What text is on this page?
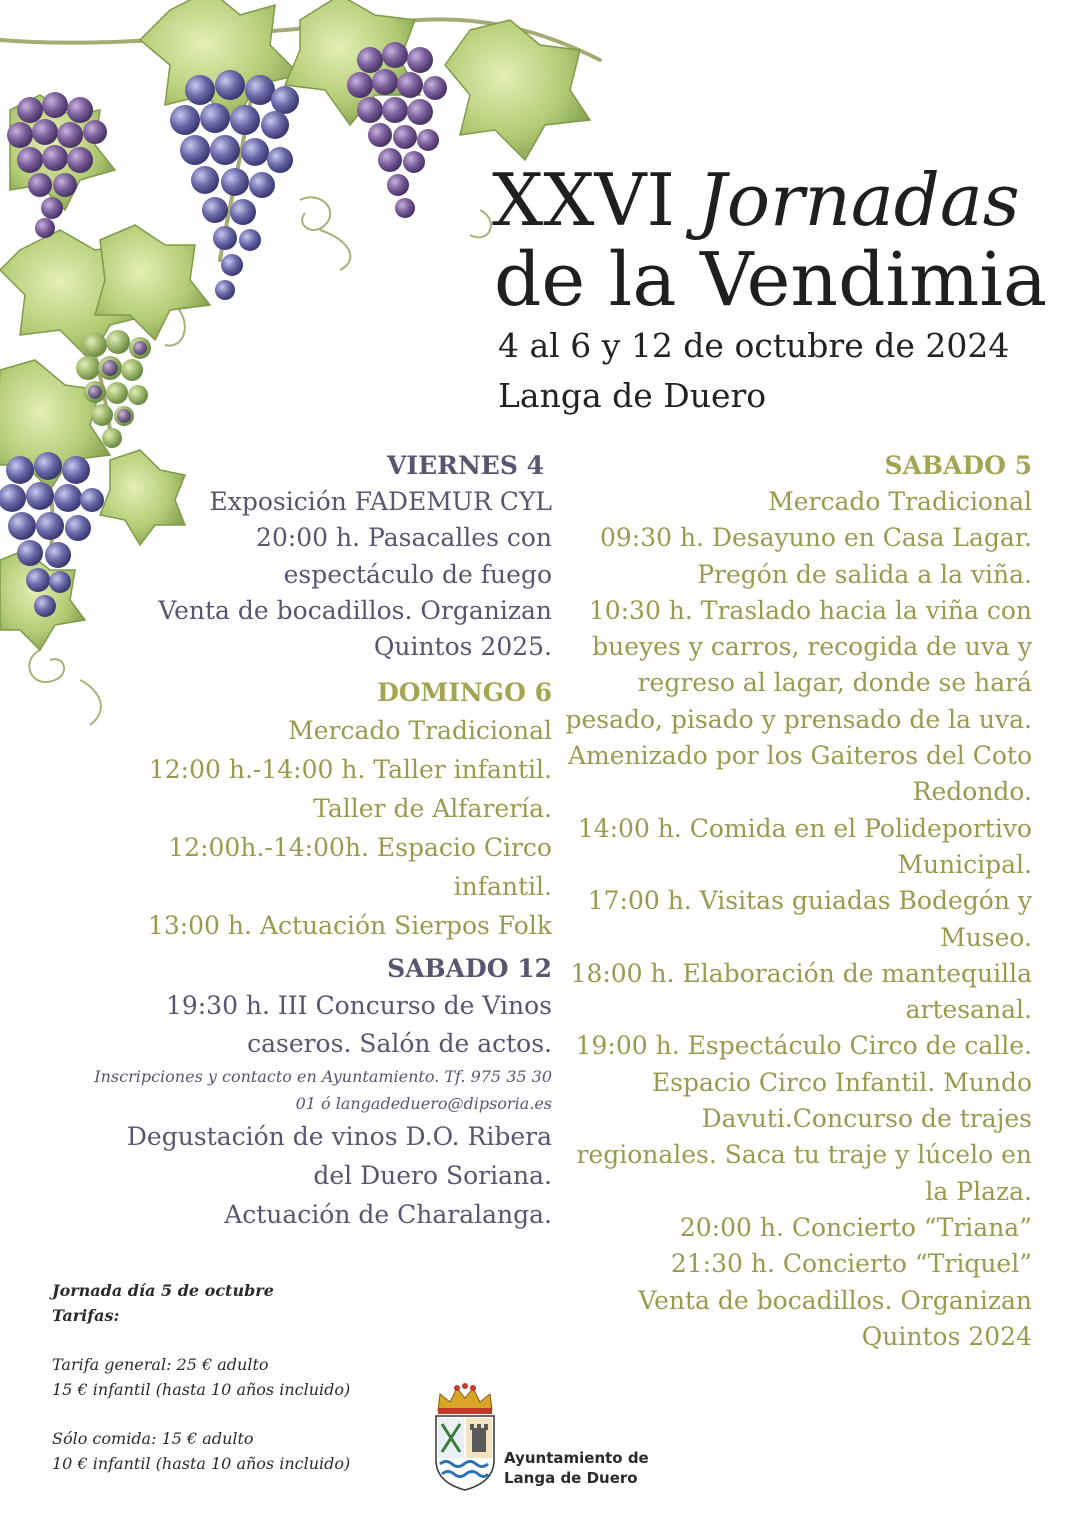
XXVI Jornadas
de la Vendimia
4 al 6 y 12 de octubre de 2024
Langa de Duero
VIERNES 4
Exposición FADEMUR CYL
20:00 h. Pasacalles con
espectáculo de fuego
Venta de bocadillos. Organizan
Quintos 2025.
DOMINGO 6
Mercado Tradicional
12:00 h.-14:00 h. Taller infantil.
Taller de Alfarería.
12:00h.-14:00h. Espacio Circo
infantil.
13:00 h. Actuación Sierpos Folk
SABADO 12
19:30 h. III Concurso de Vinos
caseros. Salón de actos.
Inscripciones y contacto en Ayuntamiento. Tf. 975 35 30
01 ó langadeduero@dipsoria.es
Degustación de vinos D.O. Ribera
del Duero Soriana.
Actuación de Charalanga.
SABADO 5
Mercado Tradicional
09:30 h. Desayuno en Casa Lagar.
Pregón de salida a la viña.
10:30 h. Traslado hacia la viña con
bueyes y carros, recogida de uva y
regreso al lagar, donde se hará
pesado, pisado y prensado de la uva.
Amenizado por los Gaiteros del Coto
Redondo.
14:00 h. Comida en el Polideportivo
Municipal.
17:00 h. Visitas guiadas Bodegón y
Museo.
18:00 h. Elaboración de mantequilla
artesanal.
19:00 h. Espectáculo Circo de calle.
Espacio Circo Infantil. Mundo
Davuti.Concurso de trajes
regionales. Saca tu traje y lúcelo en
la Plaza.
20:00 h. Concierto “Triana”
21:30 h. Concierto “Triquel”
Venta de bocadillos. Organizan
Quintos 2024
Jornada día 5 de octubre
Tarifas:
Tarifa general: 25 € adulto
15 € infantil (hasta 10 años incluido)
Sólo comida: 15 € adulto
10 € infantil (hasta 10 años incluido)	Ayuntamiento de
Langa de Duero
